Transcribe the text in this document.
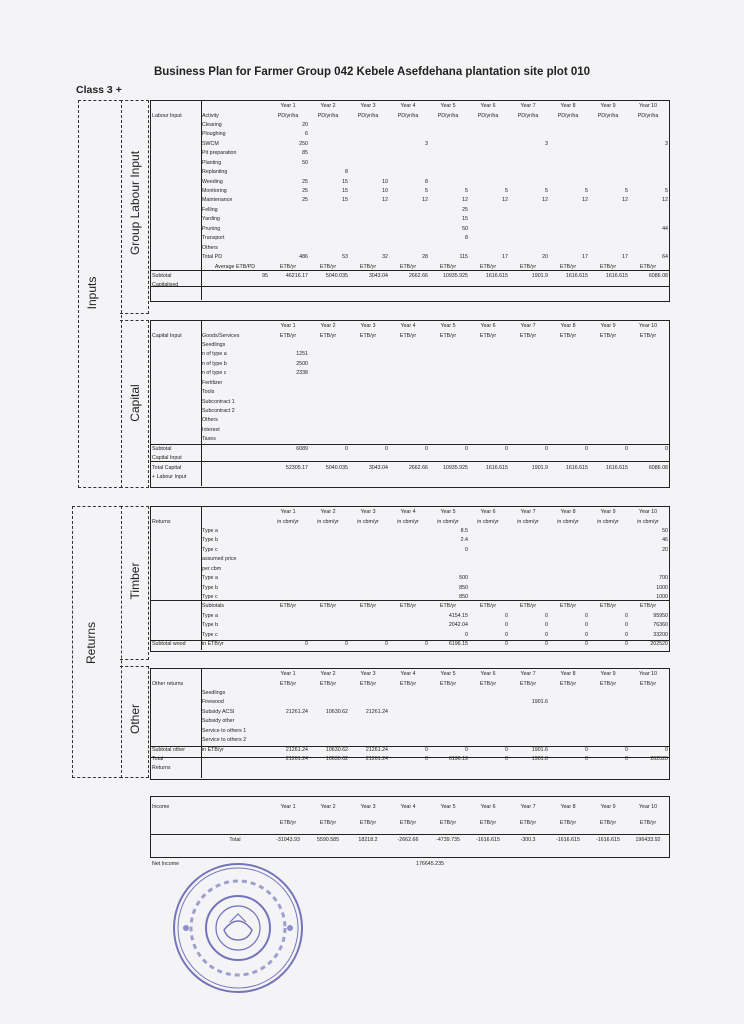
Business Plan for Farmer Group 042 Kebele Asefdehana plantation site plot 010
Class 3 +
Inputs
Group Labour Input
Capital
Returns
Timber
Other
		Year 1	Year 2	Year 3	Year 4	Year 5	Year 6	Year 7	Year 8	Year 9	Year 10
Labour Input	Activity	PD/yr/ha	PD/yr/ha	PD/yr/ha	PD/yr/ha	PD/yr/ha	PD/yr/ha	PD/yr/ha	PD/yr/ha	PD/yr/ha	PD/yr/ha
	Clearing	20									
	Ploughing	6									
	SWCM	250			3			3			3
	Pit preparation	85									
	Planting	50									
	Replanting		8								
	Weeding	25	15	10	8						
	Monitoring	25	15	10	5	5	5	5	5	5	5
	Maintenance	25	15	12	12	12	12	12	12	12	12
	Felling					25					
	Yarding					15					
	Pruning					50					44
	Transport					8					
	Others										
	Total PD	486	53	32	28	115	17	20	17	17	64
	Average ETB/PD	ETB/yr	ETB/yr	ETB/yr	ETB/yr	ETB/yr	ETB/yr	ETB/yr	ETB/yr	ETB/yr	ETB/yr
Subtotal	95	46216.17	5040.035	3043.04	2662.66	10935.925	1616.615	1901.9	1616.615	1616.615	6086.08
Capitalised											
		Year 1	Year 2	Year 3	Year 4	Year 5	Year 6	Year 7	Year 8	Year 9	Year 10
Capital Input	Goods/Services	ETB/yr	ETB/yr	ETB/yr	ETB/yr	ETB/yr	ETB/yr	ETB/yr	ETB/yr	ETB/yr	ETB/yr
	Seedlings										
	n of type a	1251									
	n of type b	2500									
	n of type c	2338									
	Fertilizer										
	Tools										
	Subcontract 1										
	Subcontract 2										
	Others										
	Interest										
	Taxes										
Subtotal		6089	0	0	0	0	0	0	0	0	0
Capital Input											
Total Capital		52305.17	5040.035	3043.04	2662.66	10935.925	1616.615	1901.9	1616.615	1616.615	6086.08
+ Labour Input											
		Year 1	Year 2	Year 3	Year 4	Year 5	Year 6	Year 7	Year 8	Year 9	Year 10
Returns		in cbm/yr	in cbm/yr	in cbm/yr	in cbm/yr	in cbm/yr	in cbm/yr	in cbm/yr	in cbm/yr	in cbm/yr	in cbm/yr
	Type a					8.5					50
	Type b					2.4					46
	Type c					0					20
	assumed price										
	per cbm										
	Type a					500					700
	Type b					850					1000
	Type c					850					1000
	Subtotals	ETB/yr	ETB/yr	ETB/yr	ETB/yr	ETB/yr	ETB/yr	ETB/yr	ETB/yr	ETB/yr	ETB/yr
	Type a					4154.15	0	0	0	0	95950
	Type b					2042.04	0	0	0	0	76360
	Type c					0	0	0	0	0	33200
Subtotal wood	in ETB/yr	0	0	0	0	6196.15	0	0	0	0	202520
		Year 1	Year 2	Year 3	Year 4	Year 5	Year 6	Year 7	Year 8	Year 9	Year 10
Other returns		ETB/yr	ETB/yr	ETB/yr	ETB/yr	ETB/yr	ETB/yr	ETB/yr	ETB/yr	ETB/yr	ETB/yr
	Seedlings										
	Firewood							1901.6			
	Subsidy ACSI	21261.24	10630.62	21261.24							
	Subsidy other										
	Service to others 1										
	Service to others 2										
Subtotal other	in ETB/yr	21261.24	10630.62	21261.24	0	0	0	1901.6	0	0	0
Total		21261.24	10630.62	21261.24	0	6196.19	0	1901.6	0	0	202520
Returns											
Income		Year 1	Year 2	Year 3	Year 4	Year 5	Year 6	Year 7	Year 8	Year 9	Year 10
		ETB/yr	ETB/yr	ETB/yr	ETB/yr	ETB/yr	ETB/yr	ETB/yr	ETB/yr	ETB/yr	ETB/yr
	Total	-31043.93	5590.585	18218.2	-2662.66	-4739.735	-1616.615	-300.3	-1616.615	-1616.615	196433.92
Net Income	176645.235
